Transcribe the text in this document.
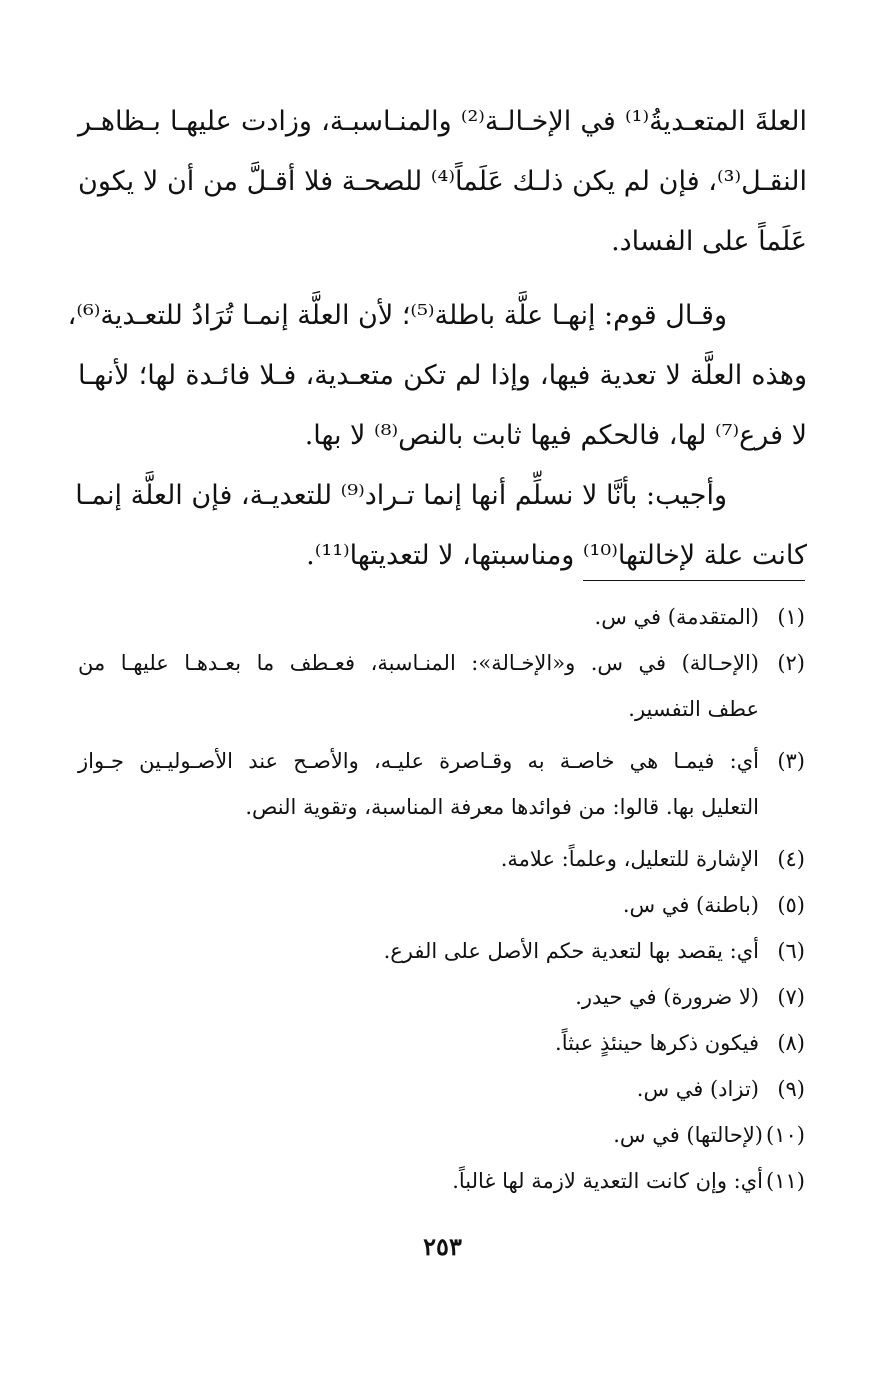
العلةَ المتعـديةُ⁽¹⁾ في الإخـالـة⁽²⁾ والمنـاسبـة، وزادت عليهـا بـظاهـر
النقـل⁽³⁾، فإن لم يكن ذلـك عَلَماً⁽⁴⁾ للصحـة فلا أقـلَّ من أن لا يكون
عَلَماً على الفساد.
وقـال قوم: إنهـا علَّة باطلة⁽⁵⁾؛ لأن العلَّة إنمـا تُرَادُ للتعـدية⁽⁶⁾،
وهذه العلَّة لا تعدية فيها، وإذا لم تكن متعـدية، فـلا فائـدة لها؛ لأنهـا
لا فرع⁽⁷⁾ لها، فالحكم فيها ثابت بالنص⁽⁸⁾ لا بها.
وأجيب: بأنَّا لا نسلِّم أنها إنما تـراد⁽⁹⁾ للتعديـة، فإن العلَّة إنمـا
كانت علة لإخالتها⁽¹⁰⁾ ومناسبتها، لا لتعديتها⁽¹¹⁾.
(١)
(المتقدمة) في س.
(٢)
(الإحـالة) في س. و«الإخـالة»: المنـاسبة، فعـطف ما بعـدهـا عليهـا من
عطف التفسير.
(٣)
أي: فيمـا هي خاصـة به وقـاصرة عليـه، والأصـح عند الأصـوليـين جـواز
التعليل بها. قالوا: من فوائدها معرفة المناسبة، وتقوية النص.
(٤)
الإشارة للتعليل، وعلماً: علامة.
(٥)
(باطنة) في س.
(٦)
أي: يقصد بها لتعدية حكم الأصل على الفرع.
(٧)
(لا ضرورة) في حيدر.
(٨)
فيكون ذكرها حينئذٍ عبثاً.
(٩)
(تزاد) في س.
(١٠)
(لإحالتها) في س.
(١١)
أي: وإن كانت التعدية لازمة لها غالباً.
٢٥٣
